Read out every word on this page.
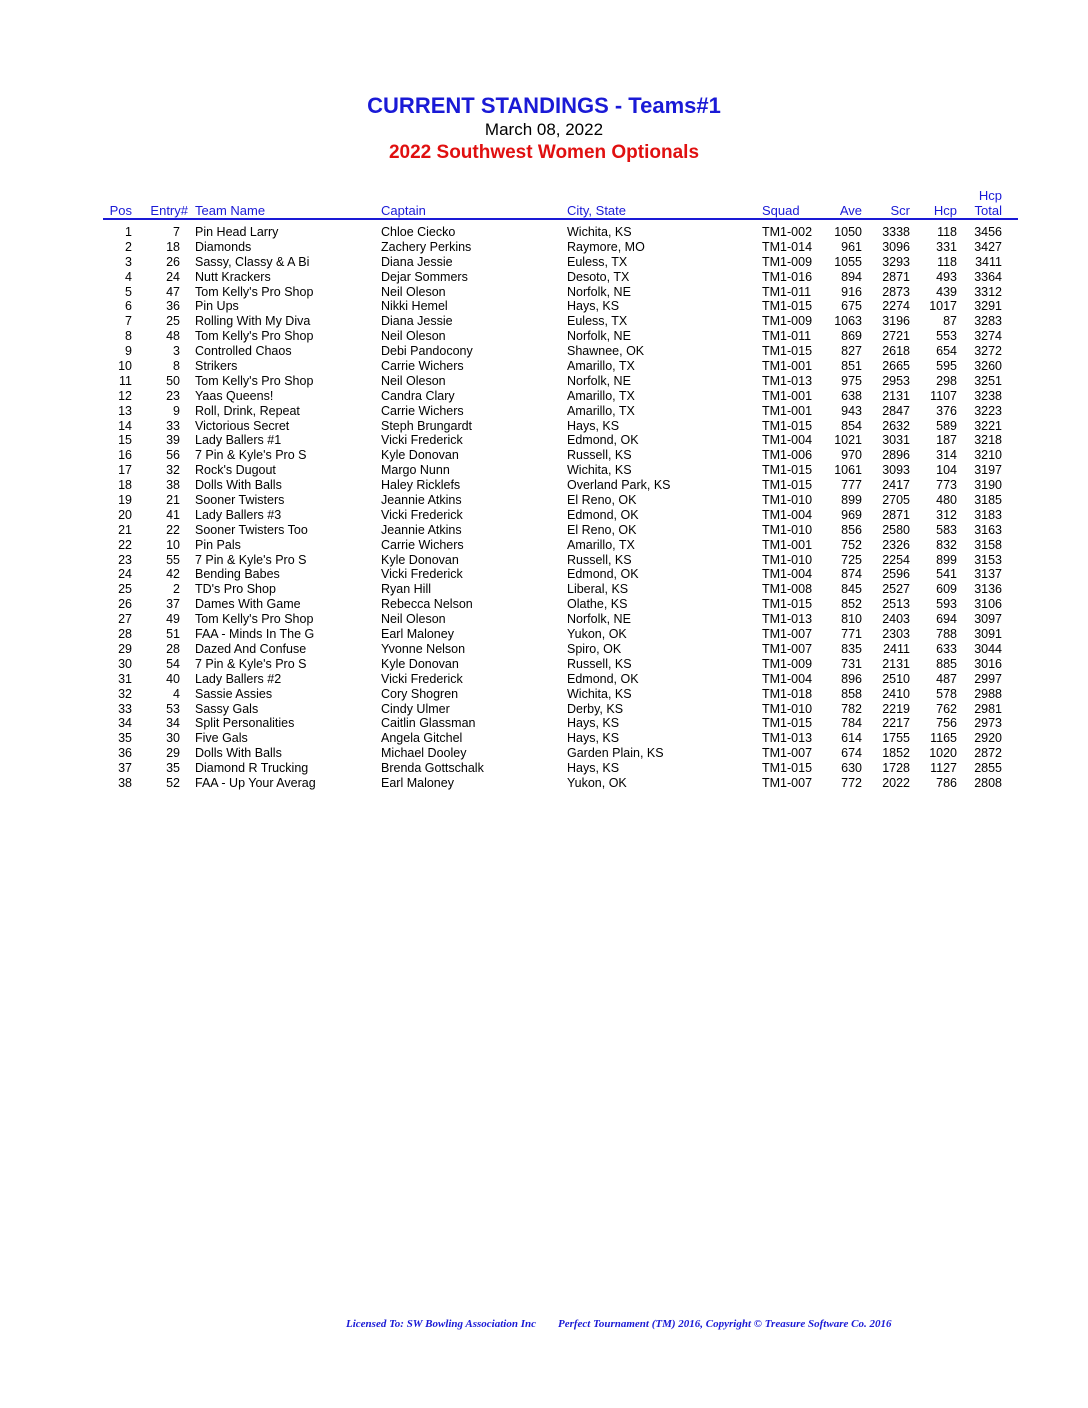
CURRENT STANDINGS - Teams#1
March 08, 2022
2022 Southwest Women Optionals
Pos	Entry# Team Name	Captain	City, State	Squad	Ave	Scr	Hcp
Hcp
Total
1	7 Pin Head Larry	Chloe Ciecko	Wichita, KS	TM1-002	1050	3338	118	3456
2	18 Diamonds	Zachery Perkins	Raymore, MO	TM1-014	961	3096	331	3427
3	26 Sassy, Classy & A Bi	Diana Jessie	Euless, TX	TM1-009	1055	3293	118	3411
4	24 Nutt Krackers	Dejar Sommers	Desoto, TX	TM1-016	894	2871	493	3364
5	47 Tom Kelly's Pro Shop	Neil Oleson	Norfolk, NE	TM1-011	916	2873	439	3312
6	36 Pin Ups	Nikki Hemel	Hays, KS	TM1-015	675	2274	1017	3291
7	25 Rolling With My Diva	Diana Jessie	Euless, TX	TM1-009	1063	3196	87	3283
8	48 Tom Kelly's Pro Shop	Neil Oleson	Norfolk, NE	TM1-011	869	2721	553	3274
9	3 Controlled Chaos	Debi Pandocony	Shawnee, OK	TM1-015	827	2618	654	3272
10	8 Strikers	Carrie Wichers	Amarillo, TX	TM1-001	851	2665	595	3260
11	50 Tom Kelly's Pro Shop	Neil Oleson	Norfolk, NE	TM1-013	975	2953	298	3251
12	23 Yaas Queens!	Candra Clary	Amarillo, TX	TM1-001	638	2131	1107	3238
13	9 Roll, Drink, Repeat	Carrie Wichers	Amarillo, TX	TM1-001	943	2847	376	3223
14	33 Victorious Secret	Steph Brungardt	Hays, KS	TM1-015	854	2632	589	3221
15	39 Lady Ballers #1	Vicki Frederick	Edmond, OK	TM1-004	1021	3031	187	3218
16	56 7 Pin & Kyle's Pro S	Kyle Donovan	Russell, KS	TM1-006	970	2896	314	3210
17	32 Rock's Dugout	Margo Nunn	Wichita, KS	TM1-015	1061	3093	104	3197
18	38 Dolls With Balls	Haley Ricklefs	Overland Park, KS	TM1-015	777	2417	773	3190
19	21 Sooner Twisters	Jeannie Atkins	El Reno, OK	TM1-010	899	2705	480	3185
20	41 Lady Ballers #3	Vicki Frederick	Edmond, OK	TM1-004	969	2871	312	3183
21	22 Sooner Twisters Too	Jeannie Atkins	El Reno, OK	TM1-010	856	2580	583	3163
22	10 Pin Pals	Carrie Wichers	Amarillo, TX	TM1-001	752	2326	832	3158
23	55 7 Pin & Kyle's Pro S	Kyle Donovan	Russell, KS	TM1-010	725	2254	899	3153
24	42 Bending Babes	Vicki Frederick	Edmond, OK	TM1-004	874	2596	541	3137
25	2 TD's Pro Shop	Ryan Hill	Liberal, KS	TM1-008	845	2527	609	3136
26	37 Dames With Game	Rebecca Nelson	Olathe, KS	TM1-015	852	2513	593	3106
27	49 Tom Kelly's Pro Shop	Neil Oleson	Norfolk, NE	TM1-013	810	2403	694	3097
28	51 FAA - Minds In The G	Earl Maloney	Yukon, OK	TM1-007	771	2303	788	3091
29	28 Dazed And Confuse	Yvonne Nelson	Spiro, OK	TM1-007	835	2411	633	3044
30	54 7 Pin & Kyle's Pro S	Kyle Donovan	Russell, KS	TM1-009	731	2131	885	3016
31	40 Lady Ballers #2	Vicki Frederick	Edmond, OK	TM1-004	896	2510	487	2997
32	4 Sassie Assies	Cory Shogren	Wichita, KS	TM1-018	858	2410	578	2988
33	53 Sassy Gals	Cindy Ulmer	Derby, KS	TM1-010	782	2219	762	2981
34	34 Split Personalities	Caitlin Glassman	Hays, KS	TM1-015	784	2217	756	2973
35	30 Five Gals	Angela Gitchel	Hays, KS	TM1-013	614	1755	1165	2920
36	29 Dolls With Balls	Michael Dooley	Garden Plain, KS	TM1-007	674	1852	1020	2872
37	35 Diamond R Trucking	Brenda Gottschalk	Hays, KS	TM1-015	630	1728	1127	2855
38	52 FAA - Up Your Averag	Earl Maloney	Yukon, OK	TM1-007	772	2022	786	2808
Licensed To: SW Bowling Association Inc Perfect Tournament (TM) 2016, Copyright © Treasure Software Co. 2016
